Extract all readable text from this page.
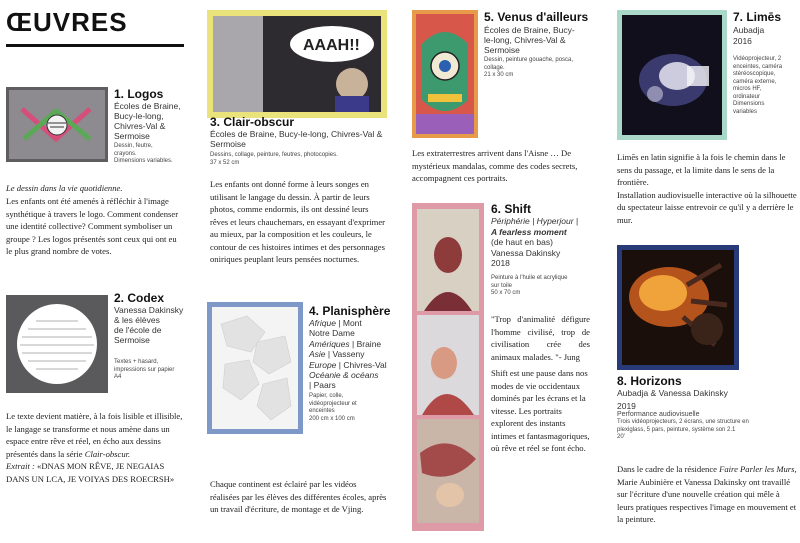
ŒUVRES
1. Logos
Écoles de Braine,
Bucy-le-long,
Chivres-Val &
Sermoise
Dessin, feutre,
crayons.
Dimensions variables.
Le dessin dans la vie quotidienne.
Les enfants ont été amenés à réfléchir à l'image synthétique à travers le logo. Comment condenser une identité collective? Comment symboliser un groupe ? Les logos présentés sont ceux qui ont eu le plus grand nombre de votes.
2. Codex
Vanessa Dakinsky
& les élèves
de l'école de
Sermoise
Textes + hasard,
impressions sur papier
A4
Le texte devient matière, à la fois lisible et illisible, le langage se transforme et nous amène dans un espace entre rêve et réel, en écho aux dessins présentés dans la série Clair-obscur.
Extrait : «DNAS MON RÊVE, JE NEGAIAS DANS UN LCA, JE VOIYAS DES ROECRSH»
AAAH!!
3. Clair-obscur
Écoles de Braine, Bucy-le-long, Chivres-Val &
Sermoise
Dessins, collage, peinture, feutres, photocopies.
37 x 52 cm
Les enfants ont donné forme à leurs songes en utilisant le langage du dessin. À partir de leurs photos, comme endormis, ils ont dessiné leurs rêves et leurs chauchemars, en essayant d'exprimer au mieux, par la composition et les couleurs, le contour de ces histoires intimes et des personnages oniriques peuplant leurs pensées nocturnes.
4. Planisphère
Afrique | Mont
Notre Dame
Amériques | Braine
Asie | Vasseny
Europe | Chivres-Val
Océanie & océans
| Paars
Papier, colle,
vidéoprojecteur et
enceintes
200 cm x 100 cm
Chaque continent est éclairé par les vidéos réalisées par les élèves des différentes écoles, après un travail d'écriture, de montage et de Vjing.
5. Venus d'ailleurs
Écoles de Braine, Bucy-
le-long, Chivres-Val &
Sermoise
Dessin, peinture gouache, posca,
collage.
21 x 30 cm
Les extraterrestres arrivent dans l'Aisne … De mystérieux mandalas, comme des codes secrets, accompagnent ces portraits.
6. Shift
Périphérie | Hyperjour |
A fearless moment
(de haut en bas)
Vanessa Dakinsky
2018
Peinture à l'huile et acrylique
sur toile
50 x 70 cm
"Trop d'animalité défigure l'homme civilisé, trop de civilisation crée des animaux malades. "- Jung
Shift est une pause dans nos modes de vie occidentaux dominés par les écrans et la vitesse. Les portraits explorent des instants intimes et fantasmagoriques, où rêve et réel se font écho.
7. Limēs
Aubadja
2016
Vidéoprojecteur, 2
enceintes, caméra
stéréoscopique,
caméra externe,
micros HF,
ordinateur
Dimensions
variables
Limēs en latin signifie à la fois le chemin dans le sens du passage, et la limite dans le sens de la frontière.
Installation audiovisuelle interactive où la silhouette du spectateur laisse entrevoir ce qu'il y a derrière le mur.
8. Horizons
Aubadja & Vanessa Dakinsky
2019
Performance audiovisuelle
Trois vidéoprojecteurs, 2 écrans, une structure en
plexiglass, 5 pars, peinture, système son 2.1
20'
Dans le cadre de la résidence Faire Parler les Murs, Marie Aubinière et Vanessa Dakinsky ont travaillé sur l'écriture d'une nouvelle création qui mêle à leurs pratiques respectives l'image en mouvement et la peinture.
